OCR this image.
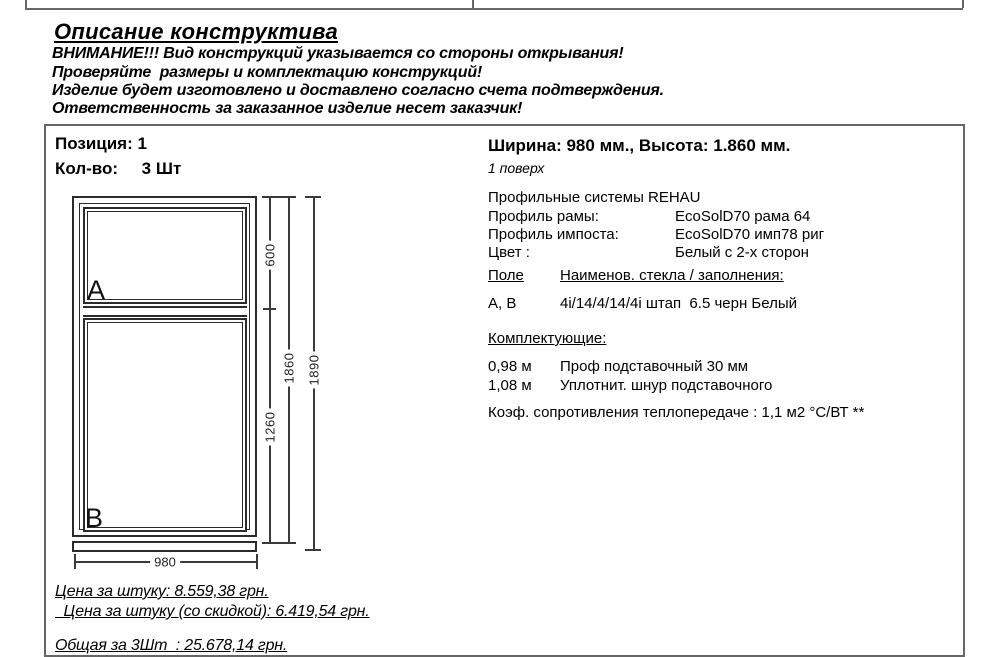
Описание конструктива
ВНИМАНИЕ!!! Вид конструкций указывается со стороны открывания!
Проверяйте  размеры и комплектацию конструкций!
Изделие будет изготовлено и доставлено согласно счета подтверждения.
Ответственность за заказанное изделие несет заказчик!
Позиция: 1
Кол-во:     3 Шт
A
B
600
1260
1860 1890
980
Ширина: 980 мм., Высота: 1.860 мм.
1 поверх
Профильные системы REHAU
Профиль рамы:	EcoSolD70 рама 64
Профиль импоста:	EcoSolD70 имп78 риг
Цвет :	Белый с 2-х сторон
Поле Наименов. стекла / заполнения:
А, В	4i/14/4/14/4i штап  6.5 черн Белый
Комплектующие:
0,98 м Проф подставочный 30 мм
1,08 м Уплотнит. шнур подставочного
Коэф. сопротивления теплопередаче : 1,1 м2 °С/ВТ **
Цена за штуку: 8.559,38 грн.
Цена за штуку (со скидкой): 6.419,54 грн.
Общая за 3Шт  : 25.678,14 грн.
